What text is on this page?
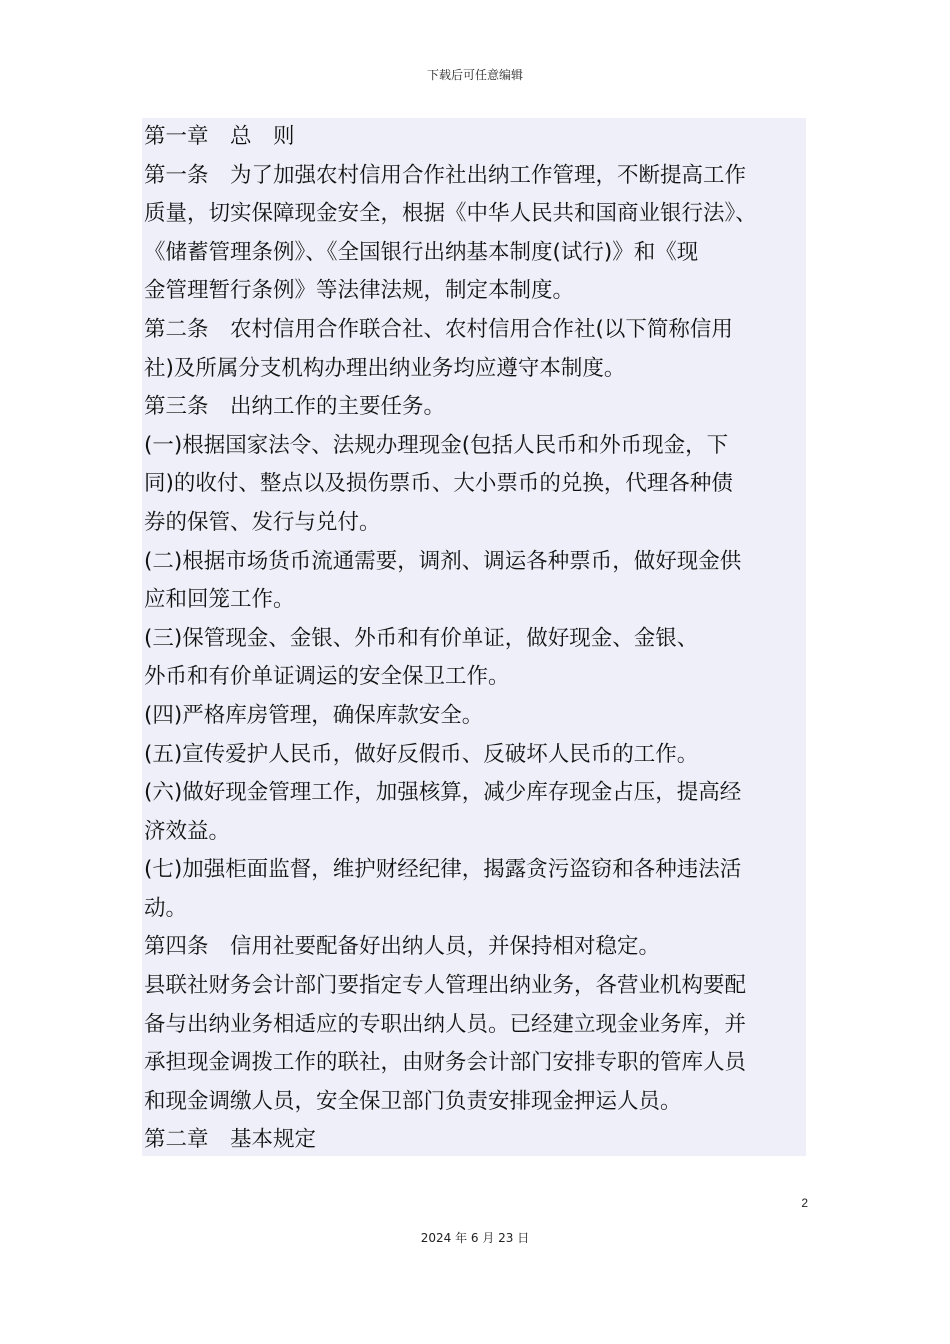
下载后可任意编辑
第一章　总　则
第一条　为了加强农村信用合作社出纳工作管理，不断提高工作
质量，切实保障现金安全，根据《中华人民共和国商业银行法》、
《储蓄管理条例》、《全国银行出纳基本制度(试行)》和《现
金管理暂行条例》等法律法规，制定本制度。
第二条　农村信用合作联合社、农村信用合作社(以下简称信用
社)及所属分支机构办理出纳业务均应遵守本制度。
第三条　出纳工作的主要任务。
(一)根据国家法令、法规办理现金(包括人民币和外币现金，下
同)的收付、整点以及损伤票币、大小票币的兑换，代理各种债
券的保管、发行与兑付。
(二)根据市场货币流通需要，调剂、调运各种票币，做好现金供
应和回笼工作。
(三)保管现金、金银、外币和有价单证，做好现金、金银、
外币和有价单证调运的安全保卫工作。
(四)严格库房管理，确保库款安全。
(五)宣传爱护人民币，做好反假币、反破坏人民币的工作。
(六)做好现金管理工作，加强核算，减少库存现金占压，提高经
济效益。
(七)加强柜面监督，维护财经纪律，揭露贪污盗窃和各种违法活
动。
第四条　信用社要配备好出纳人员，并保持相对稳定。
县联社财务会计部门要指定专人管理出纳业务，各营业机构要配
备与出纳业务相适应的专职出纳人员。已经建立现金业务库，并
承担现金调拨工作的联社，由财务会计部门安排专职的管库人员
和现金调缴人员，安全保卫部门负责安排现金押运人员。
第二章　基本规定
2
2024 年 6 月 23 日
